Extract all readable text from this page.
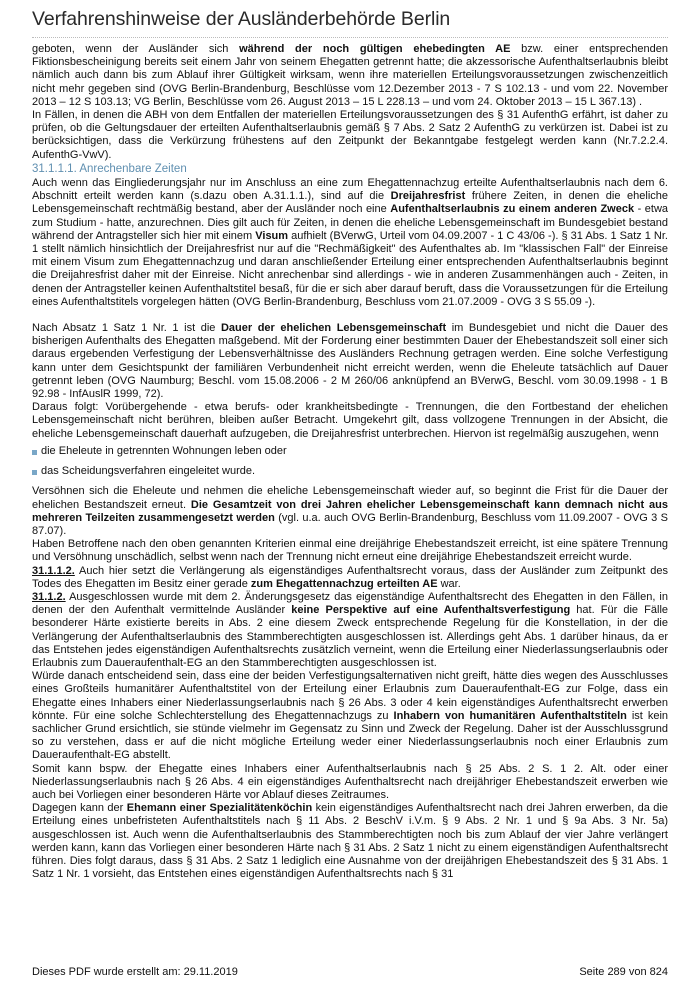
Verfahrenshinweise der Ausländerbehörde Berlin

geboten, wenn der Ausländer sich während der noch gültigen ehebedingten AE bzw. einer entsprechenden Fiktionsbescheinigung bereits seit einem Jahr von seinem Ehegatten getrennt hatte; die akzessorische Aufenthaltserlaubnis bleibt nämlich auch dann bis zum Ablauf ihrer Gültigkeit wirksam, wenn ihre materiellen Erteilungsvoraussetzungen zwischenzeitlich nicht mehr gegeben sind (OVG Berlin-Brandenburg, Beschlüsse vom 12.Dezember 2013 - 7 S 102.13 - und vom 22. November 2013 – 12 S 103.13; VG Berlin, Beschlüsse vom 26. August 2013 – 15 L 228.13 – und vom 24. Oktober 2013 – 15 L 367.13) .

In Fällen, in denen die ABH von dem Entfallen der materiellen Erteilungsvoraussetzungen des § 31 AufenthG erfährt, ist daher zu prüfen, ob die Geltungsdauer der erteilten Aufenthaltserlaubnis gemäß § 7 Abs. 2 Satz 2 AufenthG zu verkürzen ist. Dabei ist zu berücksichtigen, dass die Verkürzung frühestens auf den Zeitpunkt der Bekanntgabe festgelegt werden kann (Nr.7.2.2.4. AufenthG-VwV).

31.1.1.1. Anrechenbare Zeiten

Auch wenn das Eingliederungsjahr nur im Anschluss an eine zum Ehegattennachzug erteilte Aufenthaltserlaubnis nach dem 6. Abschnitt erteilt werden kann (s.dazu oben A.31.1.1.), sind auf die Dreijahresfrist frühere Zeiten, in denen die eheliche Lebensgemeinschaft rechtmäßig bestand, aber der Ausländer noch eine Aufenthaltserlaubnis zu einem anderen Zweck - etwa zum Studium - hatte, anzurechnen. Dies gilt auch für Zeiten, in denen die eheliche Lebensgemeinschaft im Bundesgebiet bestand während der Antragsteller sich hier mit einem Visum aufhielt (BVerwG, Urteil vom 04.09.2007 - 1 C 43/06 -). § 31 Abs. 1 Satz 1 Nr. 1 stellt nämlich hinsichtlich der Dreijahresfrist nur auf die "Rechmäßigkeit" des Aufenthaltes ab. Im "klassischen Fall" der Einreise mit einem Visum zum Ehegattennachzug und daran anschließender Erteilung einer entsprechenden Aufenthaltserlaubnis beginnt die Dreijahresfrist daher mit der Einreise. Nicht anrechenbar sind allerdings - wie in anderen Zusammenhängen auch - Zeiten, in denen der Antragsteller keinen Aufenthaltstitel besaß, für die er sich aber darauf beruft, dass die Voraussetzungen für die Erteilung eines Aufenthaltstitels vorgelegen hätten (OVG Berlin-Brandenburg, Beschluss vom 21.07.2009 - OVG 3 S 55.09 -).

Nach Absatz 1 Satz 1 Nr. 1 ist die Dauer der ehelichen Lebensgemeinschaft im Bundesgebiet und nicht die Dauer des bisherigen Aufenthalts des Ehegatten maßgebend. Mit der Forderung einer bestimmten Dauer der Ehebestandszeit soll einer sich daraus ergebenden Verfestigung der Lebensverhältnisse des Ausländers Rechnung getragen werden. Eine solche Verfestigung kann unter dem Gesichtspunkt der familiären Verbundenheit nicht erreicht werden, wenn die Eheleute tatsächlich auf Dauer getrennt leben (OVG Naumburg; Beschl. vom 15.08.2006 - 2 M 260/06 anknüpfend an BVerwG, Beschl. vom 30.09.1998 - 1 B 92.98 - InfAuslR 1999, 72).

Daraus folgt: Vorübergehende - etwa berufs- oder krankheitsbedingte - Trennungen, die den Fortbestand der ehelichen Lebensgemeinschaft nicht berühren, bleiben außer Betracht. Umgekehrt gilt, dass vollzogene Trennungen in der Absicht, die eheliche Lebensgemeinschaft dauerhaft aufzugeben, die Dreijahresfrist unterbrechen. Hiervon ist regelmäßig auszugehen, wenn

die Eheleute in getrennten Wohnungen leben oder
das Scheidungsverfahren eingeleitet wurde.

Versöhnen sich die Eheleute und nehmen die eheliche Lebensgemeinschaft wieder auf, so beginnt die Frist für die Dauer der ehelichen Bestandszeit erneut. Die Gesamtzeit von drei Jahren ehelicher Lebensgemeinschaft kann demnach nicht aus mehreren Teilzeiten zusammengesetzt werden (vgl. u.a. auch OVG Berlin-Brandenburg, Beschluss vom 11.09.2007 - OVG 3 S 87.07).

Haben Betroffene nach den oben genannten Kriterien einmal eine dreijährige Ehebestandszeit erreicht, ist eine spätere Trennung und Versöhnung unschädlich, selbst wenn nach der Trennung nicht erneut eine dreijährige Ehebestandszeit erreicht wurde.

31.1.1.2. Auch hier setzt die Verlängerung als eigenständiges Aufenthaltsrecht voraus, dass der Ausländer zum Zeitpunkt des Todes des Ehegatten im Besitz einer gerade zum Ehegattennachzug erteilten AE war.

31.1.2. Ausgeschlossen wurde mit dem 2. Änderungsgesetz das eigenständige Aufenthaltsrecht des Ehegatten in den Fällen, in denen der den Aufenthalt vermittelnde Ausländer keine Perspektive auf eine Aufenthaltsverfestigung hat. Für die Fälle besonderer Härte existierte bereits in Abs. 2 eine diesem Zweck entsprechende Regelung für die Konstellation, in der die Verlängerung der Aufenthaltserlaubnis des Stammberechtigten ausgeschlossen ist. Allerdings geht Abs. 1 darüber hinaus, da er das Entstehen jedes eigenständigen Aufenthaltsrechts zusätzlich verneint, wenn die Erteilung einer Niederlassungserlaubnis oder Erlaubnis zum Daueraufenthalt-EG an den Stammberechtigten ausgeschlossen ist.

Würde danach entscheidend sein, dass eine der beiden Verfestigungsalternativen nicht greift, hätte dies wegen des Ausschlusses eines Großteils humanitärer Aufenthaltstitel von der Erteilung einer Erlaubnis zum Daueraufenthalt-EG zur Folge, dass ein Ehegatte eines Inhabers einer Niederlassungserlaubnis nach § 26 Abs. 3 oder 4 kein eigenständiges Aufenthaltsrecht erwerben könnte. Für eine solche Schlechterstellung des Ehegattennachzugs zu Inhabern von humanitären Aufenthaltstiteln ist kein sachlicher Grund ersichtlich, sie stünde vielmehr im Gegensatz zu Sinn und Zweck der Regelung. Daher ist der Ausschlussgrund so zu verstehen, dass er auf die nicht mögliche Erteilung weder einer Niederlassungserlaubnis noch einer Erlaubnis zum Daueraufenthalt-EG abstellt.

Somit kann bspw. der Ehegatte eines Inhabers einer Aufenthaltserlaubnis nach § 25 Abs. 2 S. 1 2. Alt. oder einer Niederlassungserlaubnis nach § 26 Abs. 4 ein eigenständiges Aufenthaltsrecht nach dreijähriger Ehebestandszeit erwerben wie auch bei Vorliegen einer besonderen Härte vor Ablauf dieses Zeitraumes.

Dagegen kann der Ehemann einer Spezialitätenköchin kein eigenständiges Aufenthaltsrecht nach drei Jahren erwerben, da die Erteilung eines unbefristeten Aufenthaltstitels nach § 11 Abs. 2 BeschV i.V.m. § 9 Abs. 2 Nr. 1 und § 9a Abs. 3 Nr. 5a) ausgeschlossen ist. Auch wenn die Aufenthaltserlaubnis des Stammberechtigten noch bis zum Ablauf der vier Jahre verlängert werden kann, kann das Vorliegen einer besonderen Härte nach § 31 Abs. 2 Satz 1 nicht zu einem eigenständigen Aufenthaltsrecht führen. Dies folgt daraus, dass § 31 Abs. 2 Satz 1 lediglich eine Ausnahme von der dreijährigen Ehebestandszeit des § 31 Abs. 1 Satz 1 Nr. 1 vorsieht, das Entstehen eines eigenständigen Aufenthaltsrechts nach § 31

Dieses PDF wurde erstellt am: 29.11.2019	Seite 289 von 824
